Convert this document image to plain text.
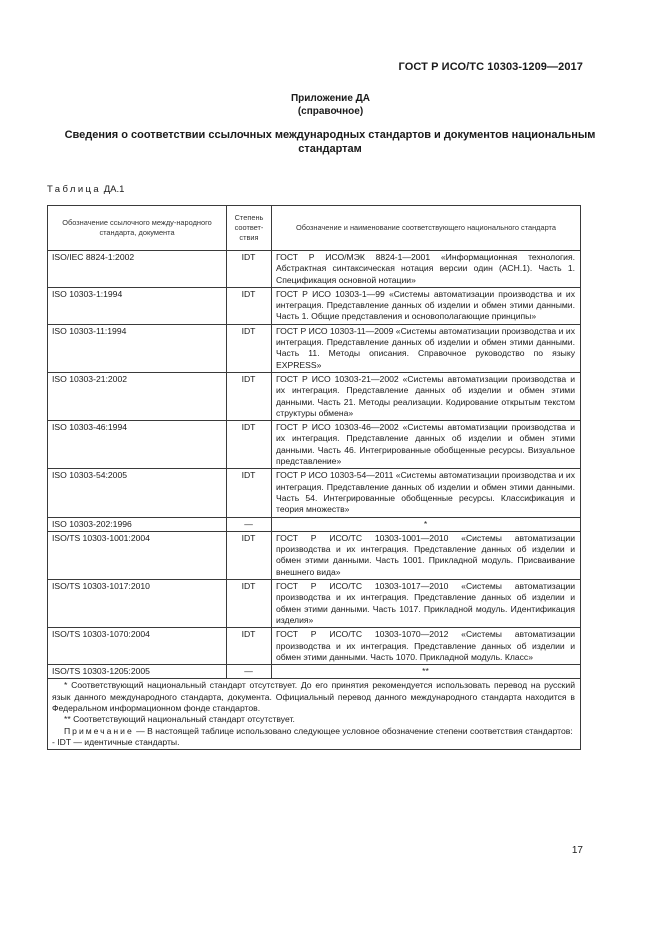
ГОСТ Р ИСО/ТС 10303-1209—2017
Приложение ДА
(справочное)
Сведения о соответствии ссылочных международных стандартов и документов национальным стандартам
Таблица ДА.1
Обозначение ссылочного между-народного стандарта, документа	Степень соответ-ствия	Обозначение и наименование соответствующего национального стандарта
ISO/IEC 8824-1:2002	IDT	ГОСТ Р ИСО/МЭК 8824-1—2001 «Информационная технология. Абстрактная синтаксическая нотация версии один (АСН.1). Часть 1. Спецификация основной нотации»
ISO 10303-1:1994	IDT	ГОСТ Р ИСО 10303-1—99 «Системы автоматизации производства и их интеграция. Представление данных об изделии и обмен этими данными. Часть 1. Общие представления и основополагающие принципы»
ISO 10303-11:1994	IDT	ГОСТ Р ИСО 10303-11—2009 «Системы автоматизации производства и их интеграция. Представление данных об изделии и обмен этими данными. Часть 11. Методы описания. Справочное руководство по языку EXPRESS»
ISO 10303-21:2002	IDT	ГОСТ Р ИСО 10303-21—2002 «Системы автоматизации производства и их интеграция. Представление данных об изделии и обмен этими данными. Часть 21. Методы реализации. Кодирование открытым текстом структуры обмена»
ISO 10303-46:1994	IDT	ГОСТ Р ИСО 10303-46—2002 «Системы автоматизации производства и их интеграция. Представление данных об изделии и обмен этими данными. Часть 46. Интегрированные обобщенные ресурсы. Визуальное представление»
ISO 10303-54:2005	IDT	ГОСТ Р ИСО 10303-54—2011 «Системы автоматизации производства и их интеграция. Представление данных об изделии и обмен этими данными. Часть 54. Интегрированные обобщенные ресурсы. Классификация и теория множеств»
ISO 10303-202:1996	—	*
ISO/TS 10303-1001:2004	IDT	ГОСТ Р ИСО/ТС 10303-1001—2010 «Системы автоматизации производства и их интеграция. Представление данных об изделии и обмен этими данными. Часть 1001. Прикладной модуль. Присваивание внешнего вида»
ISO/TS 10303-1017:2010	IDT	ГОСТ Р ИСО/ТС 10303-1017—2010 «Системы автоматизации производства и их интеграция. Представление данных об изделии и обмен этими данными. Часть 1017. Прикладной модуль. Идентификация изделия»
ISO/TS 10303-1070:2004	IDT	ГОСТ Р ИСО/ТС 10303-1070—2012 «Системы автоматизации производства и их интеграция. Представление данных об изделии и обмен этими данными. Часть 1070. Прикладной модуль. Класс»
ISO/TS 10303-1205:2005	—	**

* Соответствующий национальный стандарт отсутствует. До его принятия рекомендуется использовать перевод на русский язык данного международного стандарта, документа. Официальный перевод данного международного стандарта находится в Федеральном информационном фонде стандартов.
** Соответствующий национальный стандарт отсутствует.
Примечание — В настоящей таблице использовано следующее условное обозначение степени соответствия стандартов:
- IDT — идентичные стандарты.		
17
